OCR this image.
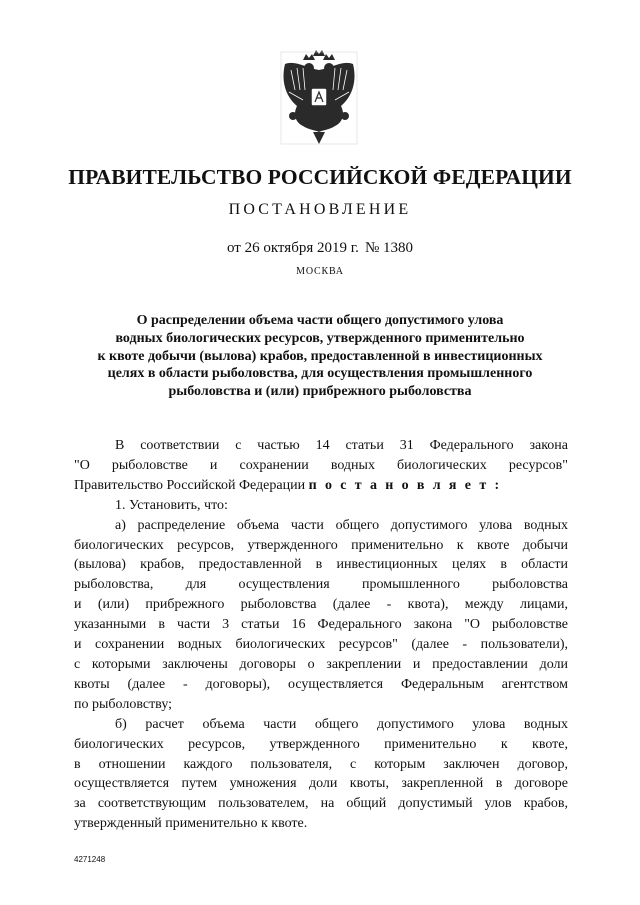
ПРАВИТЕЛЬСТВО РОССИЙСКОЙ ФЕДЕРАЦИИ
ПОСТАНОВЛЕНИЕ
от 26 октября 2019 г. № 1380
МОСКВА
О распределении объема части общего допустимого улова
водных биологических ресурсов, утвержденного применительно
к квоте добычи (вылова) крабов, предоставленной в инвестиционных
целях в области рыболовства, для осуществления промышленного
рыболовства и (или) прибрежного рыболовства

В соответствии с частью 14 статьи 31 Федерального закона

"О рыболовстве и сохранении водных биологических ресурсов"

Правительство Российской Федерации п о с т а н о в л я е т :

1. Установить, что:

а) распределение объема части общего допустимого улова водных

биологических ресурсов, утвержденного применительно к квоте добычи

(вылова) крабов, предоставленной в инвестиционных целях в области

рыболовства, для осуществления промышленного рыболовства

и (или) прибрежного рыболовства (далее - квота), между лицами,

указанными в части 3 статьи 16 Федерального закона "О рыболовстве

и сохранении водных биологических ресурсов" (далее - пользователи),

с которыми заключены договоры о закреплении и предоставлении доли

квоты (далее - договоры), осуществляется Федеральным агентством

по рыболовству;

б) расчет объема части общего допустимого улова водных

биологических ресурсов, утвержденного применительно к квоте,

в отношении каждого пользователя, с которым заключен договор,

осуществляется путем умножения доли квоты, закрепленной в договоре

за соответствующим пользователем, на общий допустимый улов крабов,

утвержденный применительно к квоте.

4271248
